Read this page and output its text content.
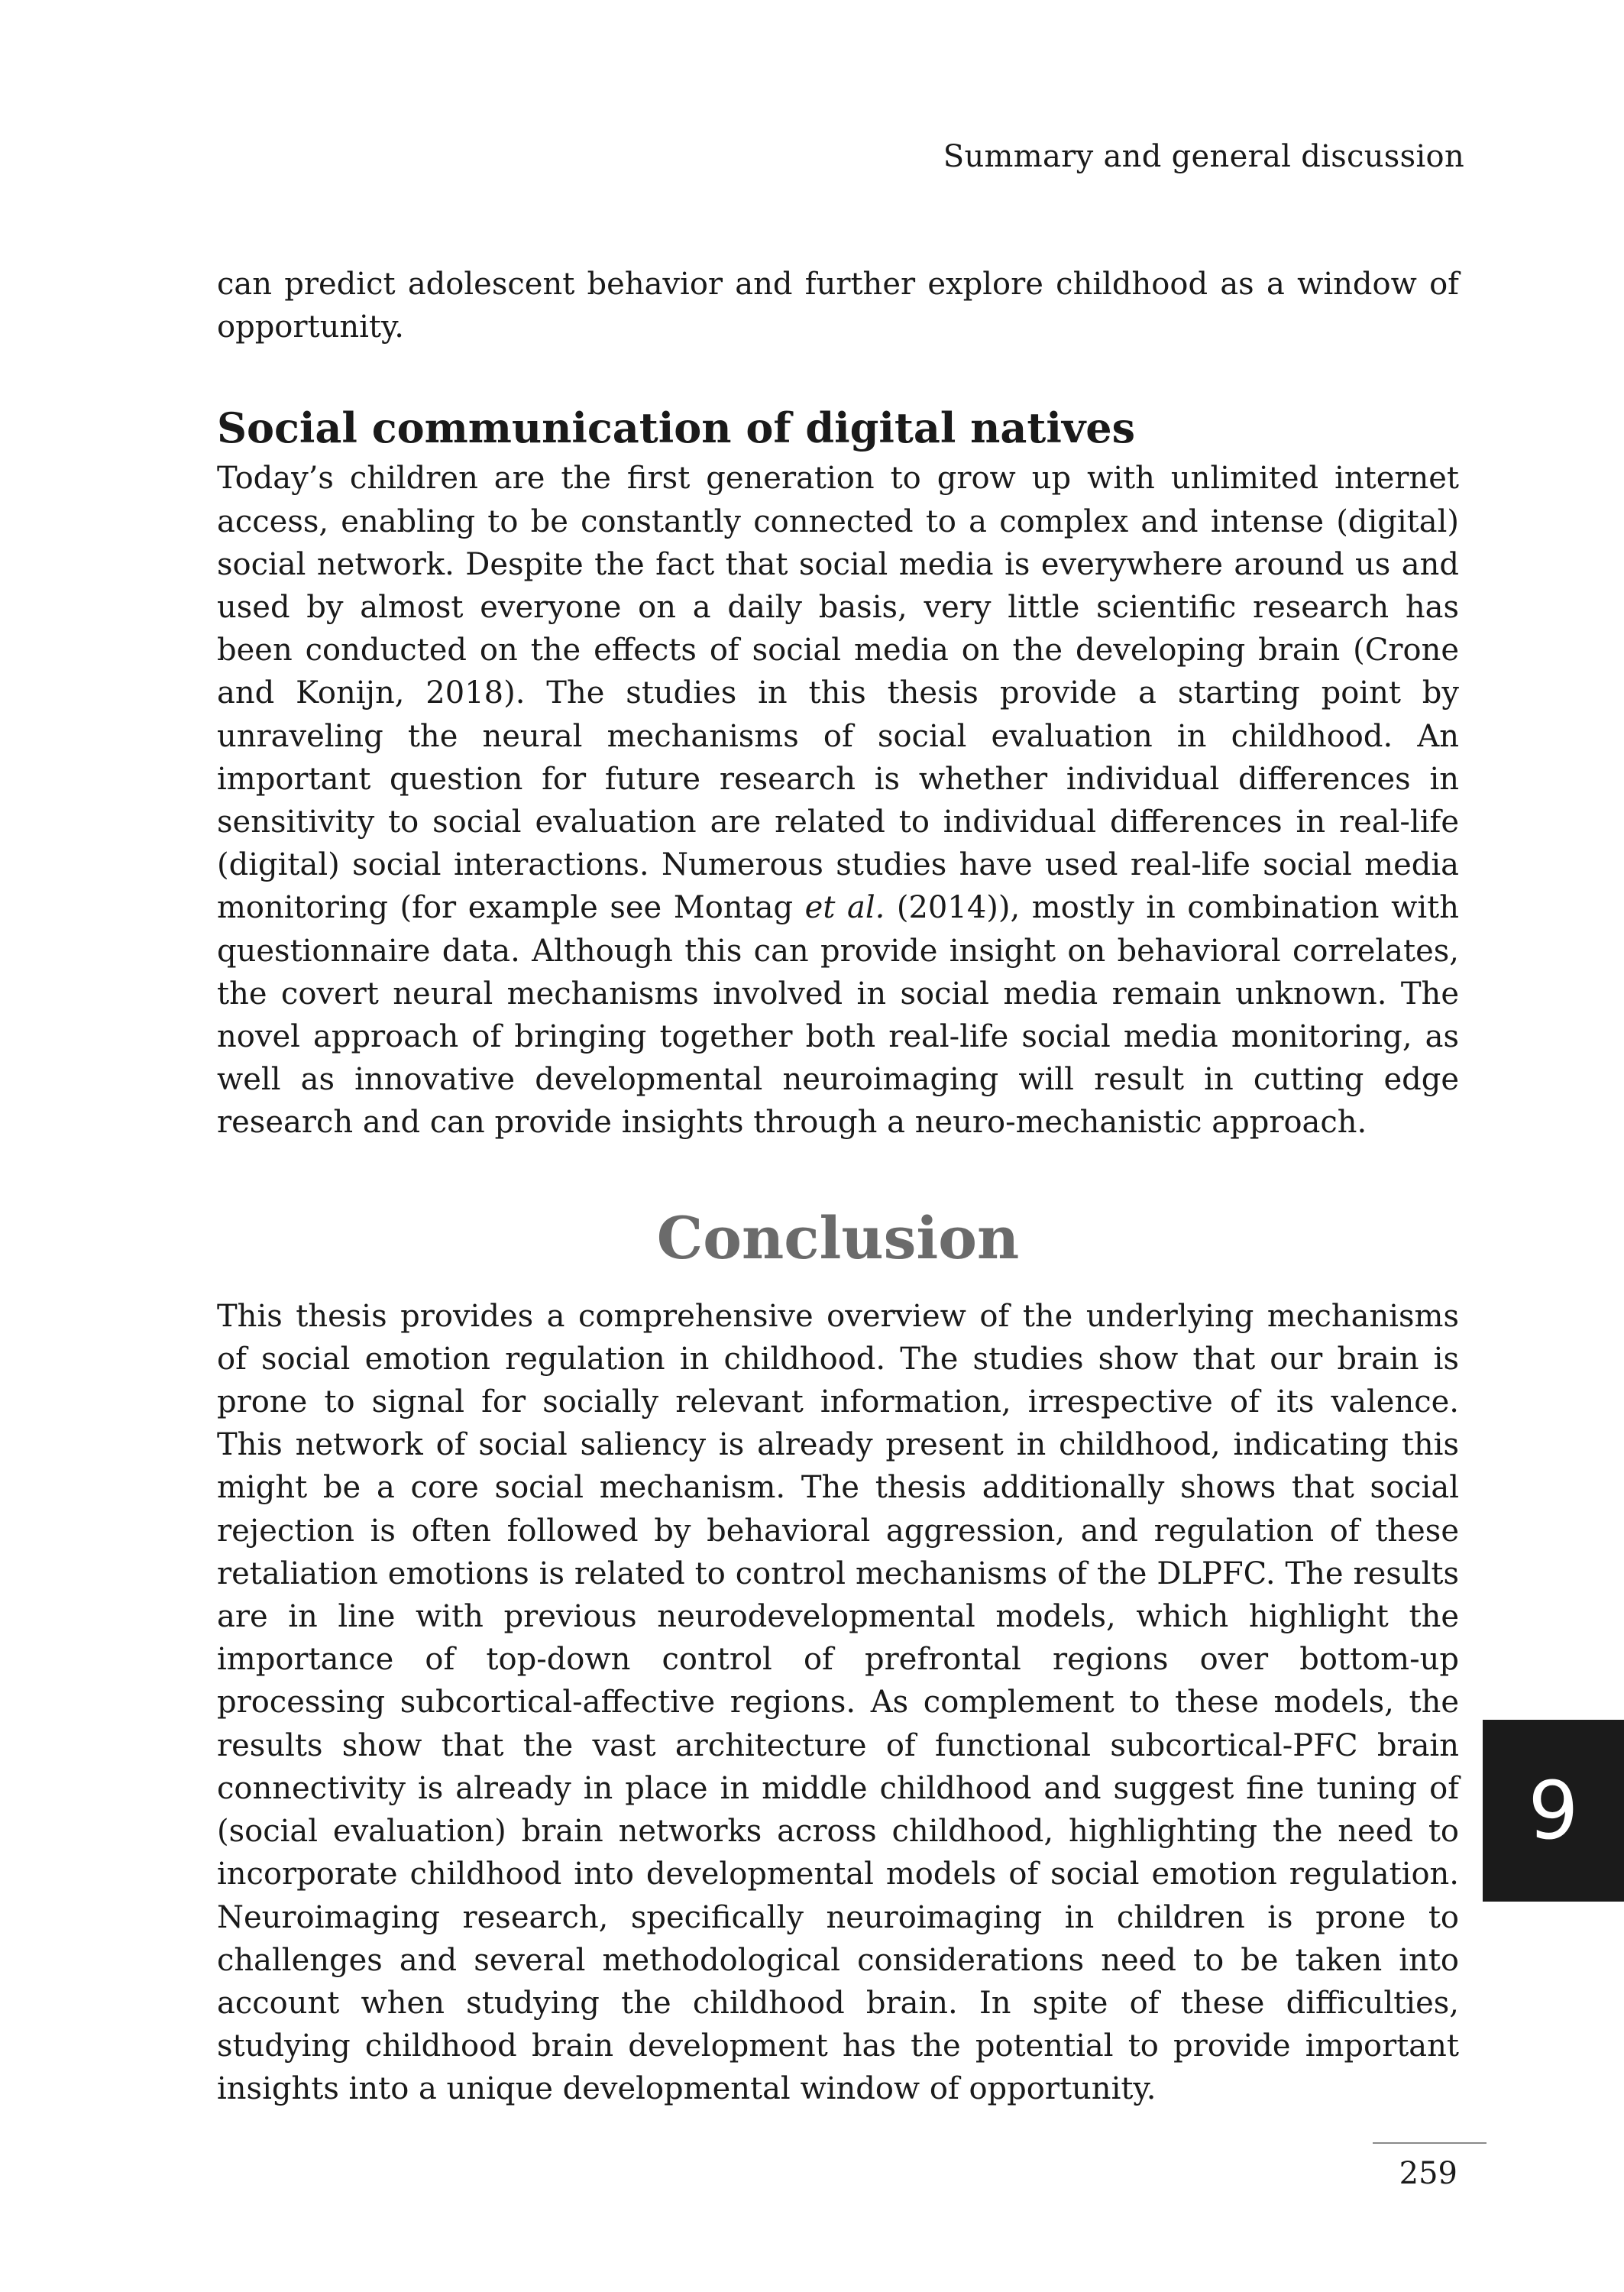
Summary and general discussion

can predict adolescent behavior and further explore childhood as a window of opportunity.

Social communication of digital natives

Today’s children are the first generation to grow up with unlimited internet access, enabling to be constantly connected to a complex and intense (digital) social network. Despite the fact that social media is everywhere around us and used by almost everyone on a daily basis, very little scientific research has been conducted on the effects of social media on the developing brain (Crone and Konijn, 2018). The studies in this thesis provide a starting point by unraveling the neural mechanisms of social evaluation in childhood. An important question for future research is whether individual differences in sensitivity to social evaluation are related to individual differences in real-life (digital) social interactions. Numerous studies have used real-life social media monitoring (for example see Montag et al. (2014)), mostly in combination with questionnaire data. Although this can provide insight on behavioral correlates, the covert neural mechanisms involved in social media remain unknown. The novel approach of bringing together both real-life social media monitoring, as well as innovative developmental neuroimaging will result in cutting edge research and can provide insights through a neuro-mechanistic approach.

Conclusion

This thesis provides a comprehensive overview of the underlying mechanisms of social emotion regulation in childhood. The studies show that our brain is prone to signal for socially relevant information, irrespective of its valence. This network of social saliency is already present in childhood, indicating this might be a core social mechanism. The thesis additionally shows that social rejection is often followed by behavioral aggression, and regulation of these retaliation emotions is related to control mechanisms of the DLPFC. The results are in line with previous neurodevelopmental models, which highlight the importance of top-down control of prefrontal regions over bottom-up processing subcortical-affective regions. As complement to these models, the results show that the vast architecture of functional subcortical-PFC brain connectivity is already in place in middle childhood and suggest fine tuning of (social evaluation) brain networks across childhood, highlighting the need to incorporate childhood into developmental models of social emotion regulation. Neuroimaging research, specifically neuroimaging in children is prone to challenges and several methodological considerations need to be taken into account when studying the childhood brain. In spite of these difficulties, studying childhood brain development has the potential to provide important insights into a unique developmental window of opportunity.

9
259
